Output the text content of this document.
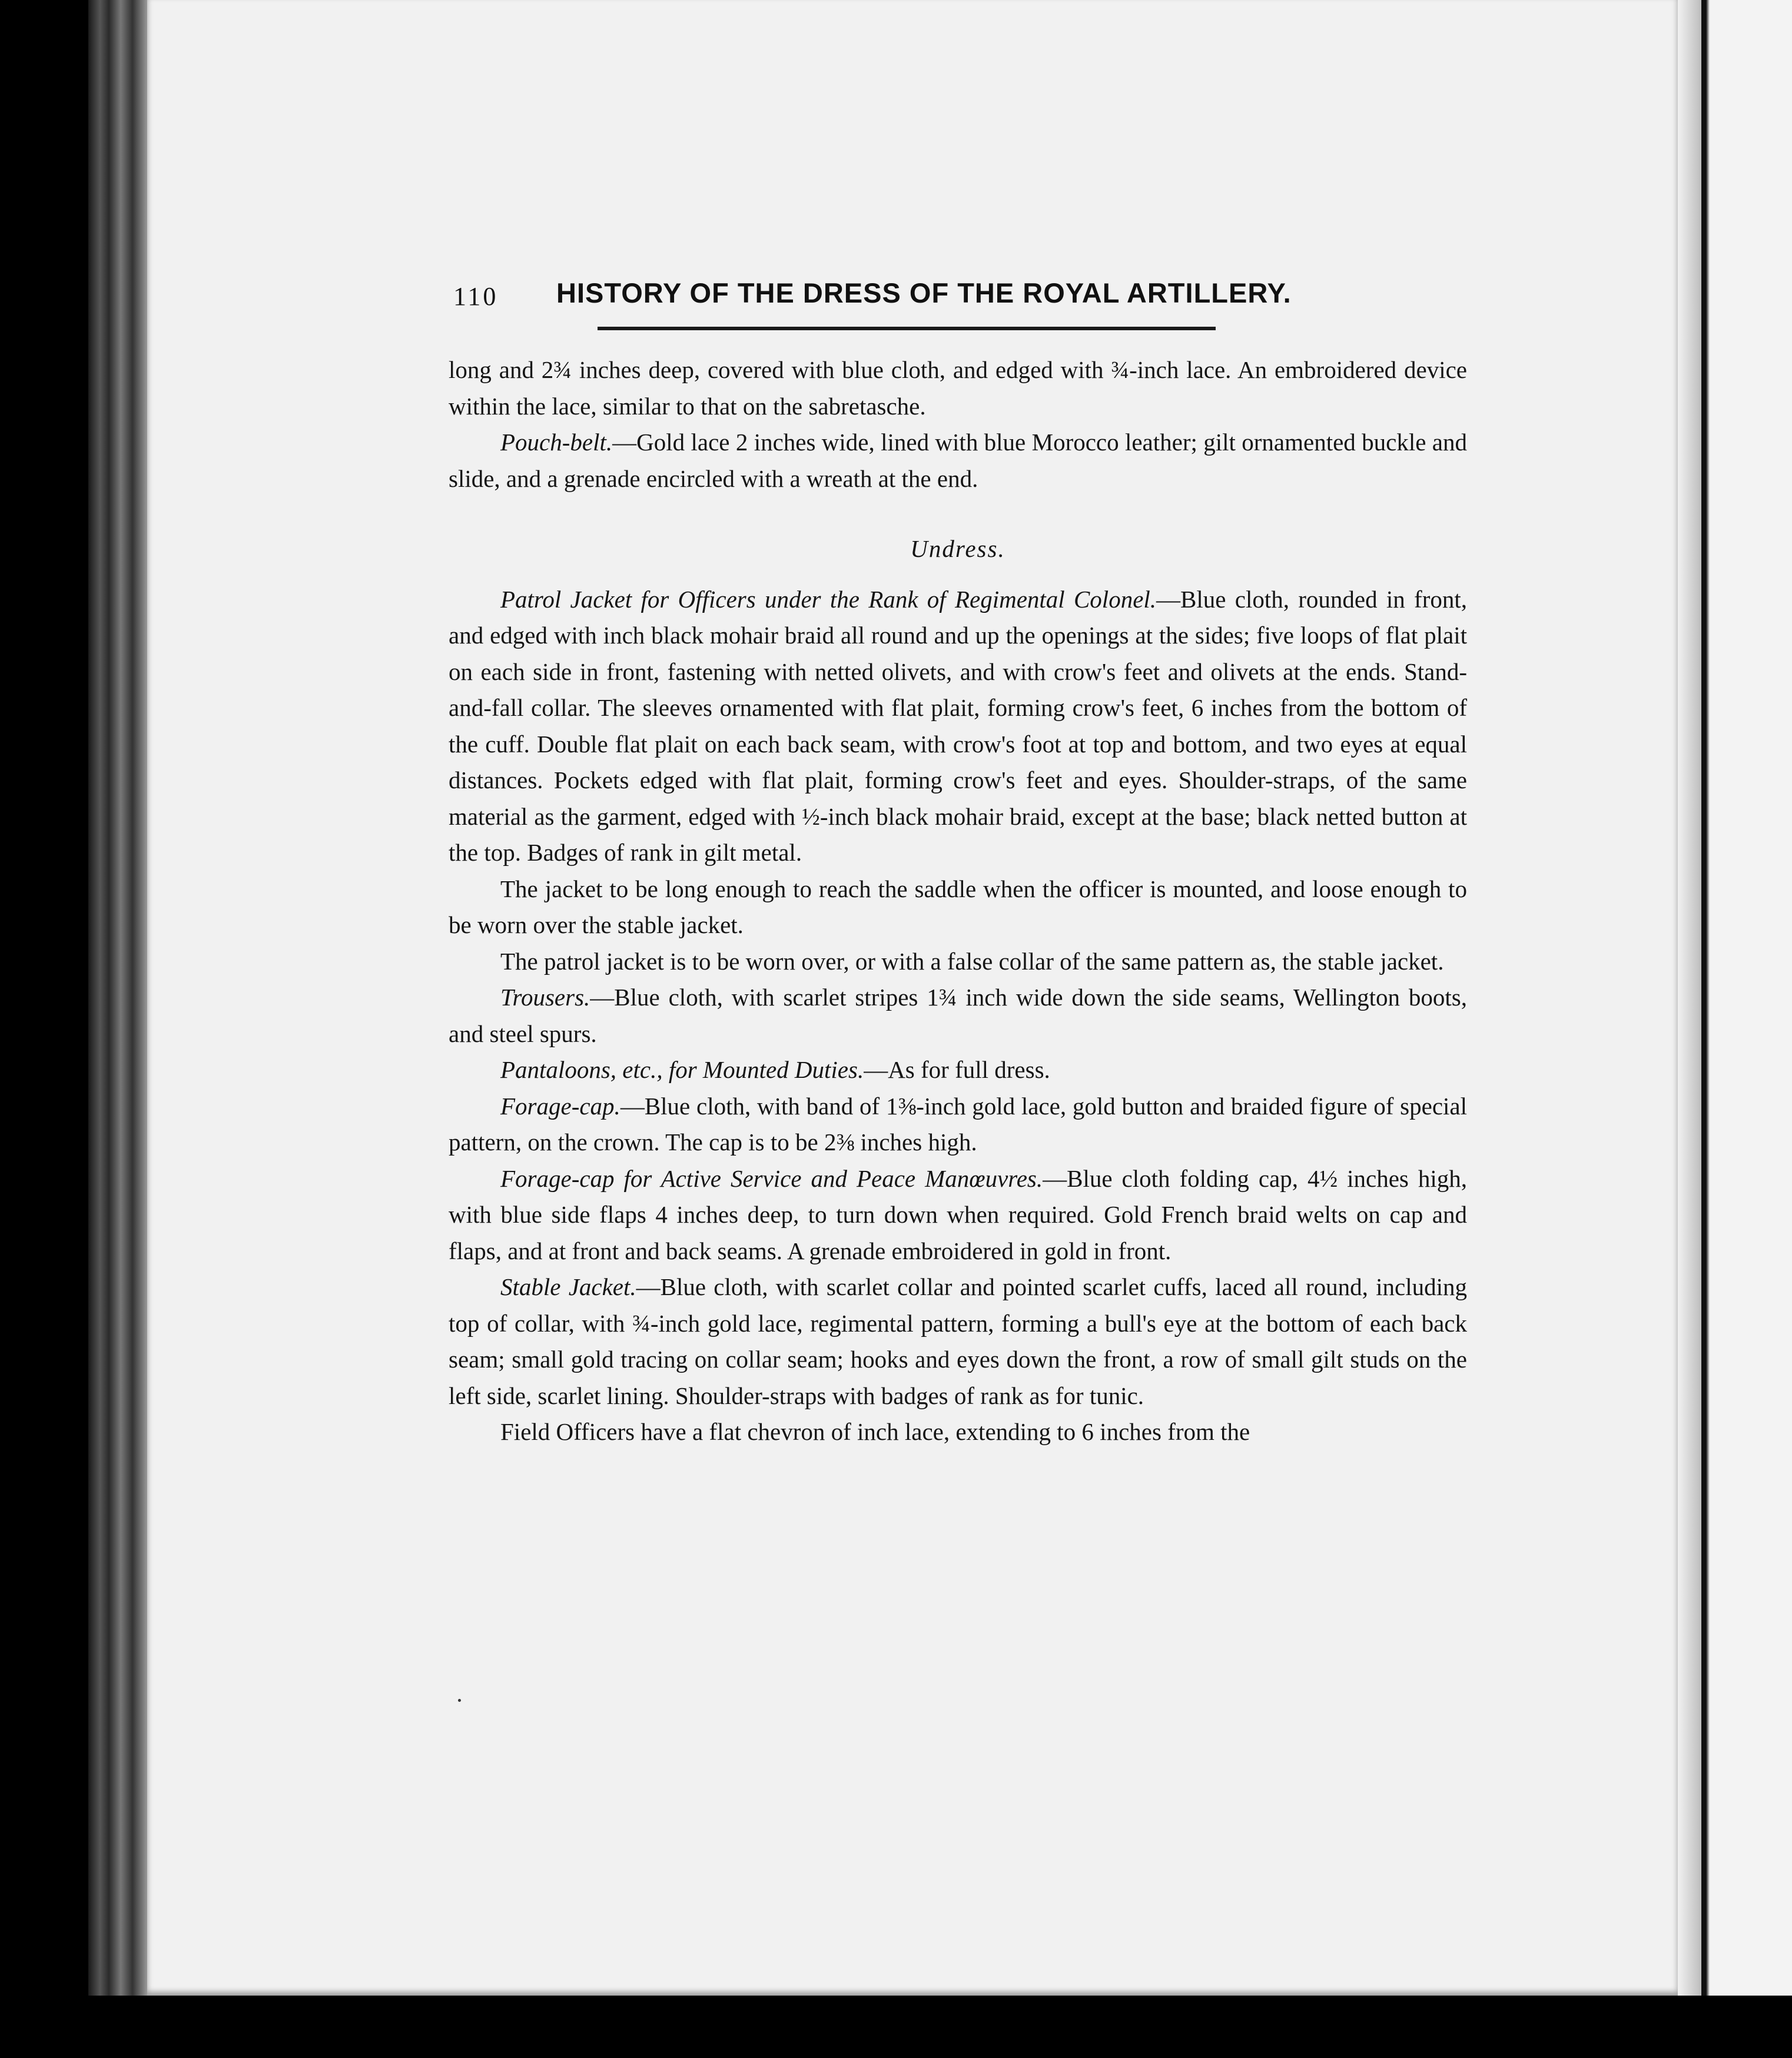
110 HISTORY OF THE DRESS OF THE ROYAL ARTILLERY.

long and 2¾ inches deep, covered with blue cloth, and edged with ¾-inch lace. An embroidered device within the lace, similar to that on the sabretasche.

Pouch-belt.—Gold lace 2 inches wide, lined with blue Morocco leather; gilt ornamented buckle and slide, and a grenade encircled with a wreath at the end.

Undress.

Patrol Jacket for Officers under the Rank of Regimental Colonel.—Blue cloth, rounded in front, and edged with inch black mohair braid all round and up the openings at the sides; five loops of flat plait on each side in front, fastening with netted olivets, and with crow's feet and olivets at the ends. Stand-and-fall collar. The sleeves ornamented with flat plait, forming crow's feet, 6 inches from the bottom of the cuff. Double flat plait on each back seam, with crow's foot at top and bottom, and two eyes at equal distances. Pockets edged with flat plait, forming crow's feet and eyes. Shoulder-straps, of the same material as the garment, edged with ½-inch black mohair braid, except at the base; black netted button at the top. Badges of rank in gilt metal.

The jacket to be long enough to reach the saddle when the officer is mounted, and loose enough to be worn over the stable jacket.

The patrol jacket is to be worn over, or with a false collar of the same pattern as, the stable jacket.

Trousers.—Blue cloth, with scarlet stripes 1¾ inch wide down the side seams, Wellington boots, and steel spurs.

Pantaloons, etc., for Mounted Duties.—As for full dress.

Forage-cap.—Blue cloth, with band of 1⅜-inch gold lace, gold button and braided figure of special pattern, on the crown. The cap is to be 2⅜ inches high.

Forage-cap for Active Service and Peace Manœuvres.—Blue cloth folding cap, 4½ inches high, with blue side flaps 4 inches deep, to turn down when required. Gold French braid welts on cap and flaps, and at front and back seams. A grenade embroidered in gold in front.

Stable Jacket.—Blue cloth, with scarlet collar and pointed scarlet cuffs, laced all round, including top of collar, with ¾-inch gold lace, regimental pattern, forming a bull's eye at the bottom of each back seam; small gold tracing on collar seam; hooks and eyes down the front, a row of small gilt studs on the left side, scarlet lining. Shoulder-straps with badges of rank as for tunic.

Field Officers have a flat chevron of inch lace, extending to 6 inches from the
